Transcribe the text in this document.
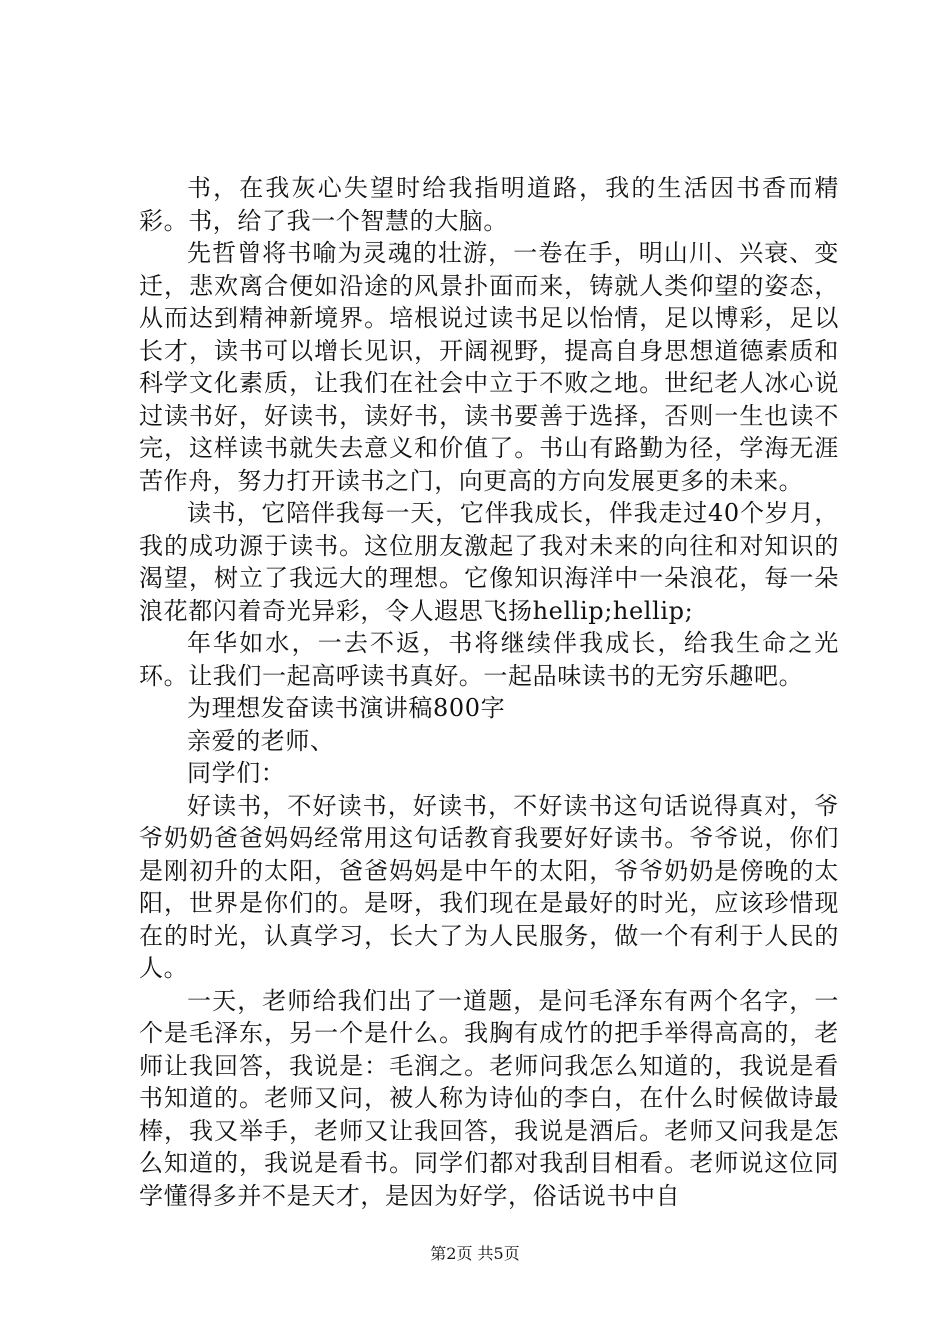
书，在我灰心失望时给我指明道路，我的生活因书香而精彩。书，给了我一个智慧的大脑。

先哲曾将书喻为灵魂的壮游，一卷在手，明山川、兴衰、变迁，悲欢离合便如沿途的风景扑面而来，铸就人类仰望的姿态，从而达到精神新境界。培根说过读书足以怡情，足以博彩，足以长才，读书可以增长见识，开阔视野，提高自身思想道德素质和科学文化素质，让我们在社会中立于不败之地。世纪老人冰心说过读书好，好读书，读好书，读书要善于选择，否则一生也读不完，这样读书就失去意义和价值了。书山有路勤为径，学海无涯苦作舟，努力打开读书之门，向更高的方向发展更多的未来。

读书，它陪伴我每一天，它伴我成长，伴我走过40个岁月，我的成功源于读书。这位朋友激起了我对未来的向往和对知识的渴望，树立了我远大的理想。它像知识海洋中一朵浪花，每一朵浪花都闪着奇光异彩，令人遐思飞扬hellip;hellip;

年华如水，一去不返，书将继续伴我成长，给我生命之光环。让我们一起高呼读书真好。一起品味读书的无穷乐趣吧。

为理想发奋读书演讲稿800字

亲爱的老师、

同学们：

好读书，不好读书，好读书，不好读书这句话说得真对，爷爷奶奶爸爸妈妈经常用这句话教育我要好好读书。爷爷说，你们是刚初升的太阳，爸爸妈妈是中午的太阳，爷爷奶奶是傍晚的太阳，世界是你们的。是呀，我们现在是最好的时光，应该珍惜现在的时光，认真学习，长大了为人民服务，做一个有利于人民的人。

一天，老师给我们出了一道题，是问毛泽东有两个名字，一个是毛泽东，另一个是什么。我胸有成竹的把手举得高高的，老师让我回答，我说是：毛润之。老师问我怎么知道的，我说是看书知道的。老师又问，被人称为诗仙的李白，在什么时候做诗最棒，我又举手，老师又让我回答，我说是酒后。老师又问我是怎么知道的，我说是看书。同学们都对我刮目相看。老师说这位同学懂得多并不是天才，是因为好学，俗话说书中自

第2页 共5页
